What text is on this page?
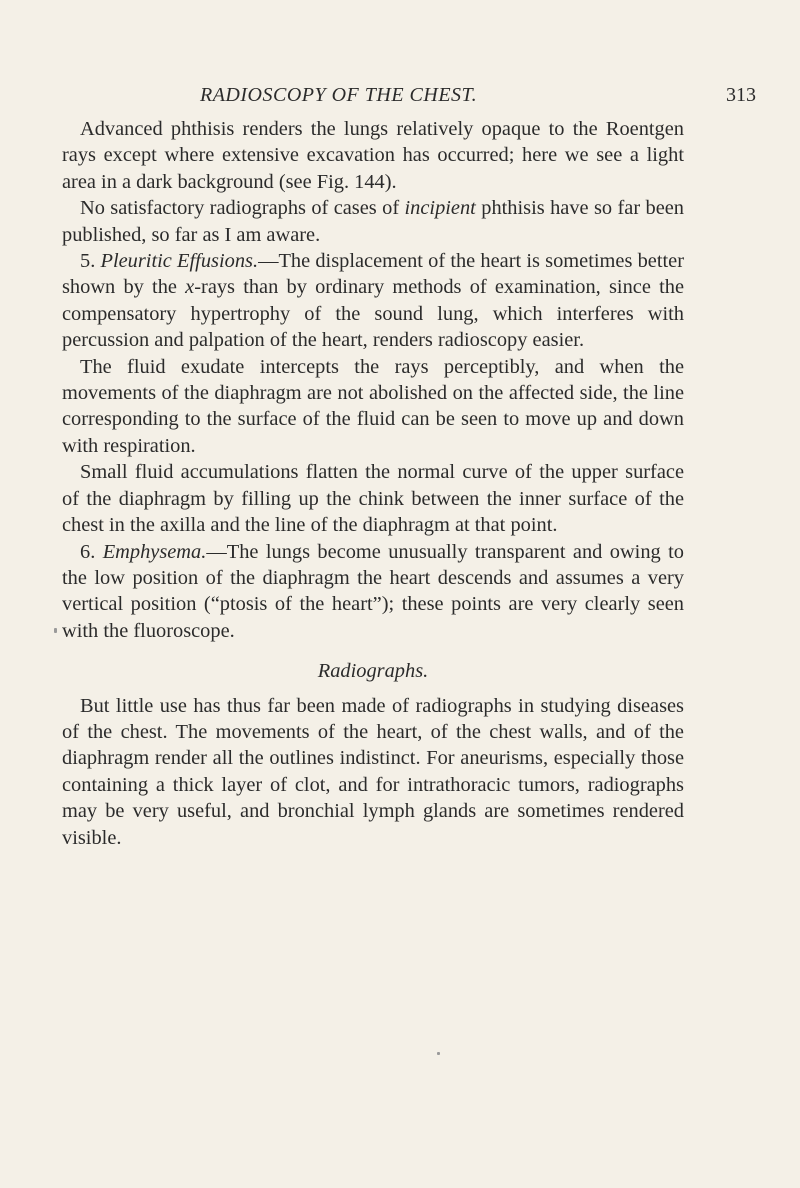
RADIOSCOPY OF THE CHEST.	313

Advanced phthisis renders the lungs relatively opaque to the Roentgen rays except where extensive excavation has occurred; here we see a light area in a dark background (see Fig. 144).

No satisfactory radiographs of cases of incipient phthisis have so far been published, so far as I am aware.

5. Pleuritic Effusions.—The displacement of the heart is sometimes better shown by the x-rays than by ordinary methods of examination, since the compensatory hypertrophy of the sound lung, which interferes with percussion and palpation of the heart, renders radioscopy easier.

The fluid exudate intercepts the rays perceptibly, and when the movements of the diaphragm are not abolished on the affected side, the line corresponding to the surface of the fluid can be seen to move up and down with respiration.

Small fluid accumulations flatten the normal curve of the upper surface of the diaphragm by filling up the chink between the inner surface of the chest in the axilla and the line of the diaphragm at that point.

6. Emphysema.—The lungs become unusually transparent and owing to the low position of the diaphragm the heart descends and assumes a very vertical position (“ptosis of the heart”); these points are very clearly seen with the fluoroscope.

Radiographs.

But little use has thus far been made of radiographs in studying diseases of the chest. The movements of the heart, of the chest walls, and of the diaphragm render all the outlines indistinct. For aneurisms, especially those containing a thick layer of clot, and for intrathoracic tumors, radiographs may be very useful, and bronchial lymph glands are sometimes rendered visible.
